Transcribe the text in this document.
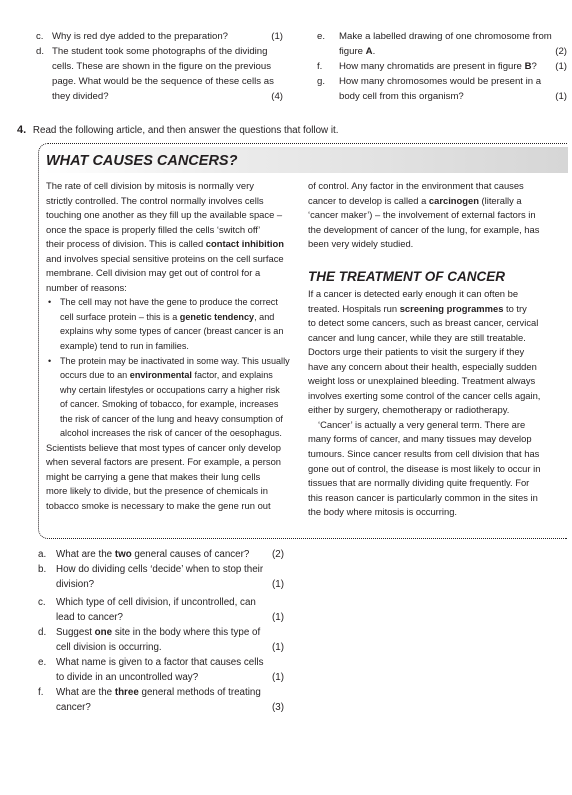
c. Why is red dye added to the preparation?	(1)
d. The student took some photographs of the dividing
cells. These are shown in the figure on the previous
page. What would be the sequence of these cells as
they divided?	(4)
e. Make a labelled drawing of one chromosome from
figure A.	(2)
f. How many chromatids are present in figure B? (1)
g. How many chromosomes would be present in a
body cell from this organism?	(1)
4. Read the following article, and then answer the questions that follow it.
WHAT CAUSES CANCERS?
The rate of cell division by mitosis is normally very
strictly controlled. The control normally involves cells
touching one another as they fill up the available space –
once the space is properly filled the cells ‘switch off’
their process of division. This is called contact inhibition
and involves special sensitive proteins on the cell surface
membrane. Cell division may get out of control for a
number of reasons:
• The cell may not have the gene to produce the correct
cell surface protein – this is a genetic tendency, and
explains why some types of cancer (breast cancer is an
example) tend to run in families.
• The protein may be inactivated in some way. This usually
occurs due to an environmental factor, and explains
why certain lifestyles or occupations carry a higher risk
of cancer. Smoking of tobacco, for example, increases
the risk of cancer of the lung and heavy consumption of
alcohol increases the risk of cancer of the oesophagus.
Scientists believe that most types of cancer only develop
when several factors are present. For example, a person
might be carrying a gene that makes their lung cells
more likely to divide, but the presence of chemicals in
tobacco smoke is necessary to make the gene run out
of control. Any factor in the environment that causes
cancer to develop is called a carcinogen (literally a
‘cancer maker’) – the involvement of external factors in
the development of cancer of the lung, for example, has
been very widely studied.
THE TREATMENT OF CANCER
If a cancer is detected early enough it can often be
treated. Hospitals run screening programmes to try
to detect some cancers, such as breast cancer, cervical
cancer and lung cancer, while they are still treatable.
Doctors urge their patients to visit the surgery if they
have any concern about their health, especially sudden
weight loss or unexplained bleeding. Treatment always
involves exerting some control of the cancer cells again,
either by surgery, chemotherapy or radiotherapy.
‘Cancer’ is actually a very general term. There are
many forms of cancer, and many tissues may develop
tumours. Since cancer results from cell division that has
gone out of control, the disease is most likely to occur in
tissues that are normally dividing quite frequently. For
this reason cancer is particularly common in the sites in
the body where mitosis is occurring.
a. What are the two general causes of cancer? (2)
b. How do dividing cells ‘decide’ when to stop their
division?	(1)
c. Which type of cell division, if uncontrolled, can
lead to cancer?	(1)
d. Suggest one site in the body where this type of
cell division is occurring.	(1)
e. What name is given to a factor that causes cells
to divide in an uncontrolled way?	(1)
f. What are the three general methods of treating
cancer?	(3)
